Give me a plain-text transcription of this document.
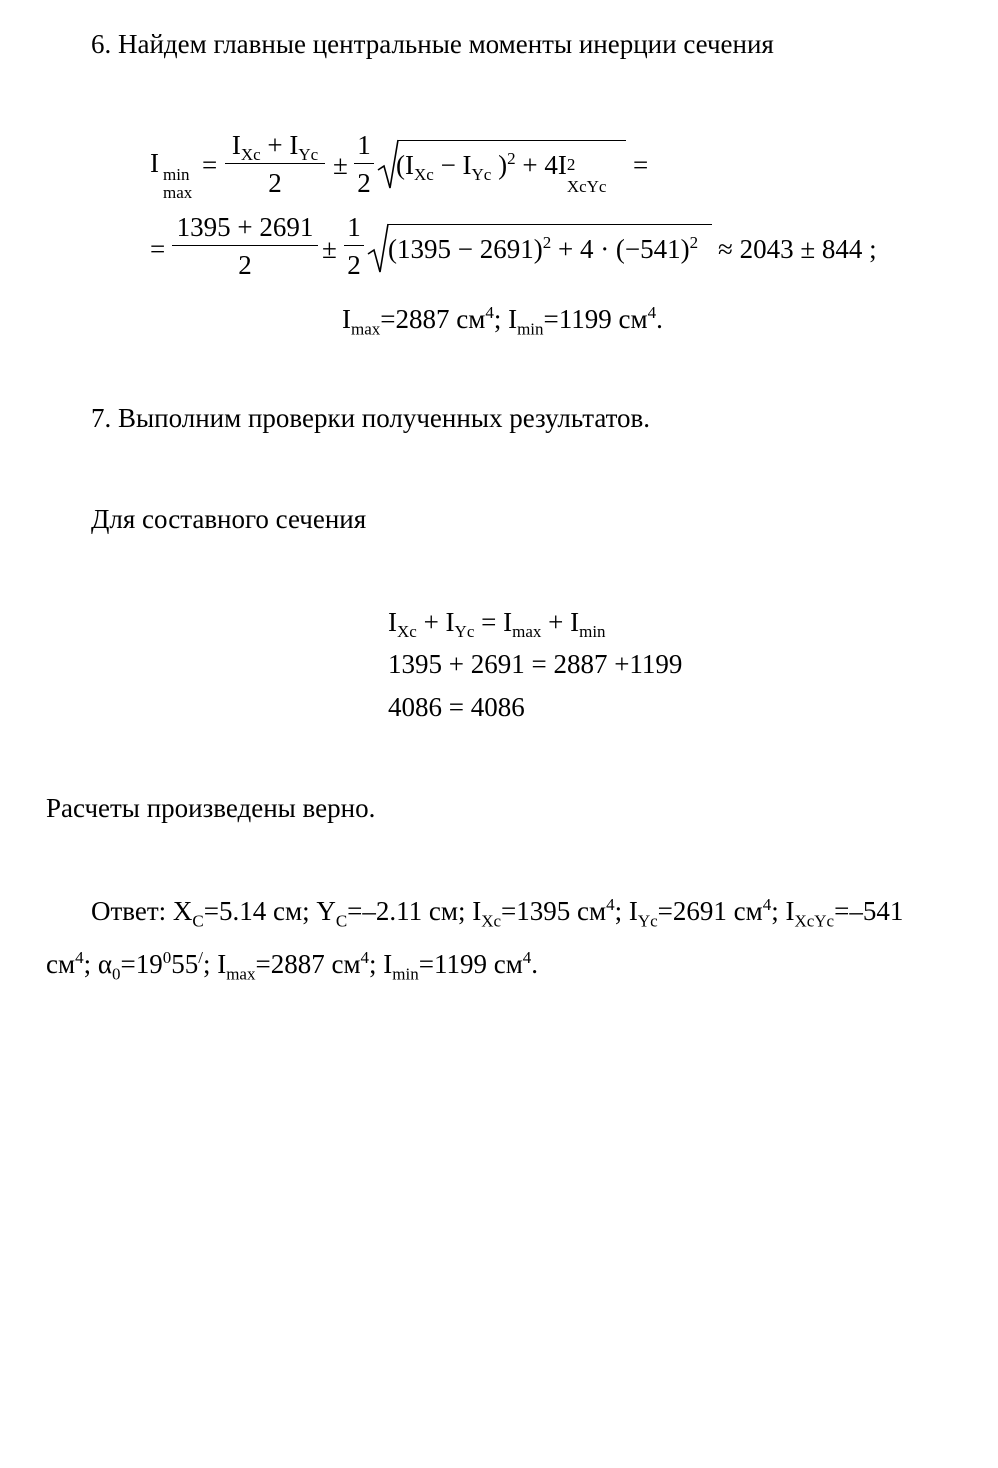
6. Найдем главные центральные моменты инерции сечения
I min
max
=
$I_{Xc} + I_{Yc}$
2
±
1
2
($I_{Xc} - I_{Yc}$ )$^2$ + 4I 2
XcYc
=
=
1395 + 2691
2
±
1
2
$(1395 - 2691)^2 + 4 \cdot (-541)^2 \approx 2043 \pm 844$ ;
$I_{max}=2887$ $см^4$; $I_{min}=1199$ $см^4$.
7. Выполним проверки полученных результатов.
Для составного сечения
$I_{Xc} + I_{Yc} = I_{max} + I_{min}$
1395 + 2691 = 2887 +1199
4086 = 4086
Расчеты произведены верно.
Ответ: $X_C=5.14$ см; $Y_C=-2.11$ см; $I_{Xc}=1395$ $см^4$; $I_{Yc}=2691$ $см^4$; $I_{XcYc}=-541$
$см^4$; $\alpha_0=19^055^/$; $I_{max}=2887$ $см^4$; $I_{min}=1199$ $см^4$.
